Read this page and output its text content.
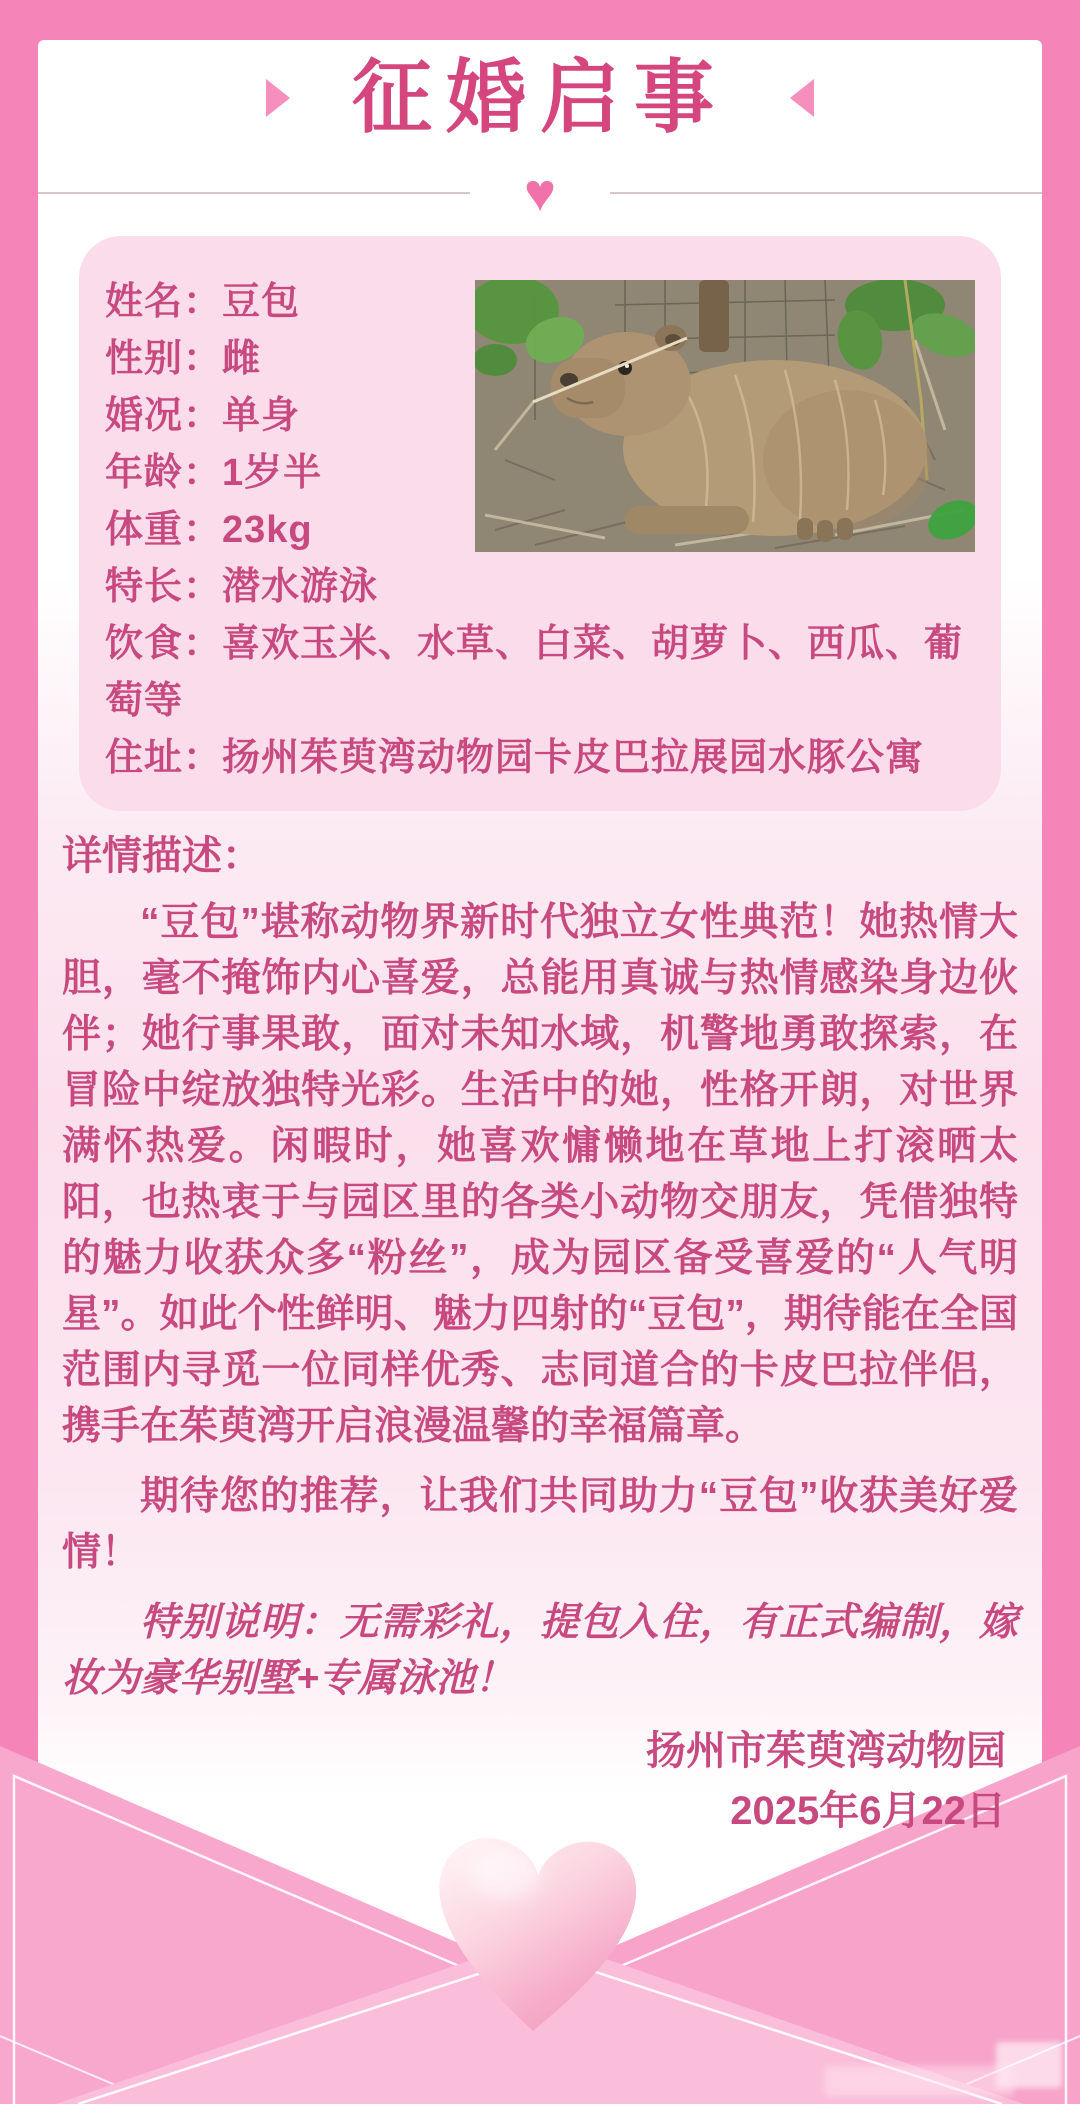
征婚启事
♥
姓名：豆包
性别：雌
婚况：单身
年龄：1岁半
体重：23kg
特长：潜水游泳
饮食：喜欢玉米、水草、白菜、胡萝卜、西瓜、葡萄等
住址：扬州茱萸湾动物园卡皮巴拉展园水豚公寓
详情描述：

“豆包”堪称动物界新时代独立女性典范！她热情大胆，毫不掩饰内心喜爱，总能用真诚与热情感染身边伙伴；她行事果敢，面对未知水域，机警地勇敢探索，在冒险中绽放独特光彩。生活中的她，性格开朗，对世界满怀热爱。闲暇时，她喜欢慵懒地在草地上打滚晒太阳，也热衷于与园区里的各类小动物交朋友，凭借独特的魅力收获众多“粉丝”，成为园区备受喜爱的“人气明星”。如此个性鲜明、魅力四射的“豆包”，期待能在全国范围内寻觅一位同样优秀、志同道合的卡皮巴拉伴侣，携手在茱萸湾开启浪漫温馨的幸福篇章。

期待您的推荐，让我们共同助力“豆包”收获美好爱情！

特别说明：无需彩礼，提包入住，有正式编制，嫁妆为豪华别墅+专属泳池！

扬州市茱萸湾动物园
2025年6月22日
